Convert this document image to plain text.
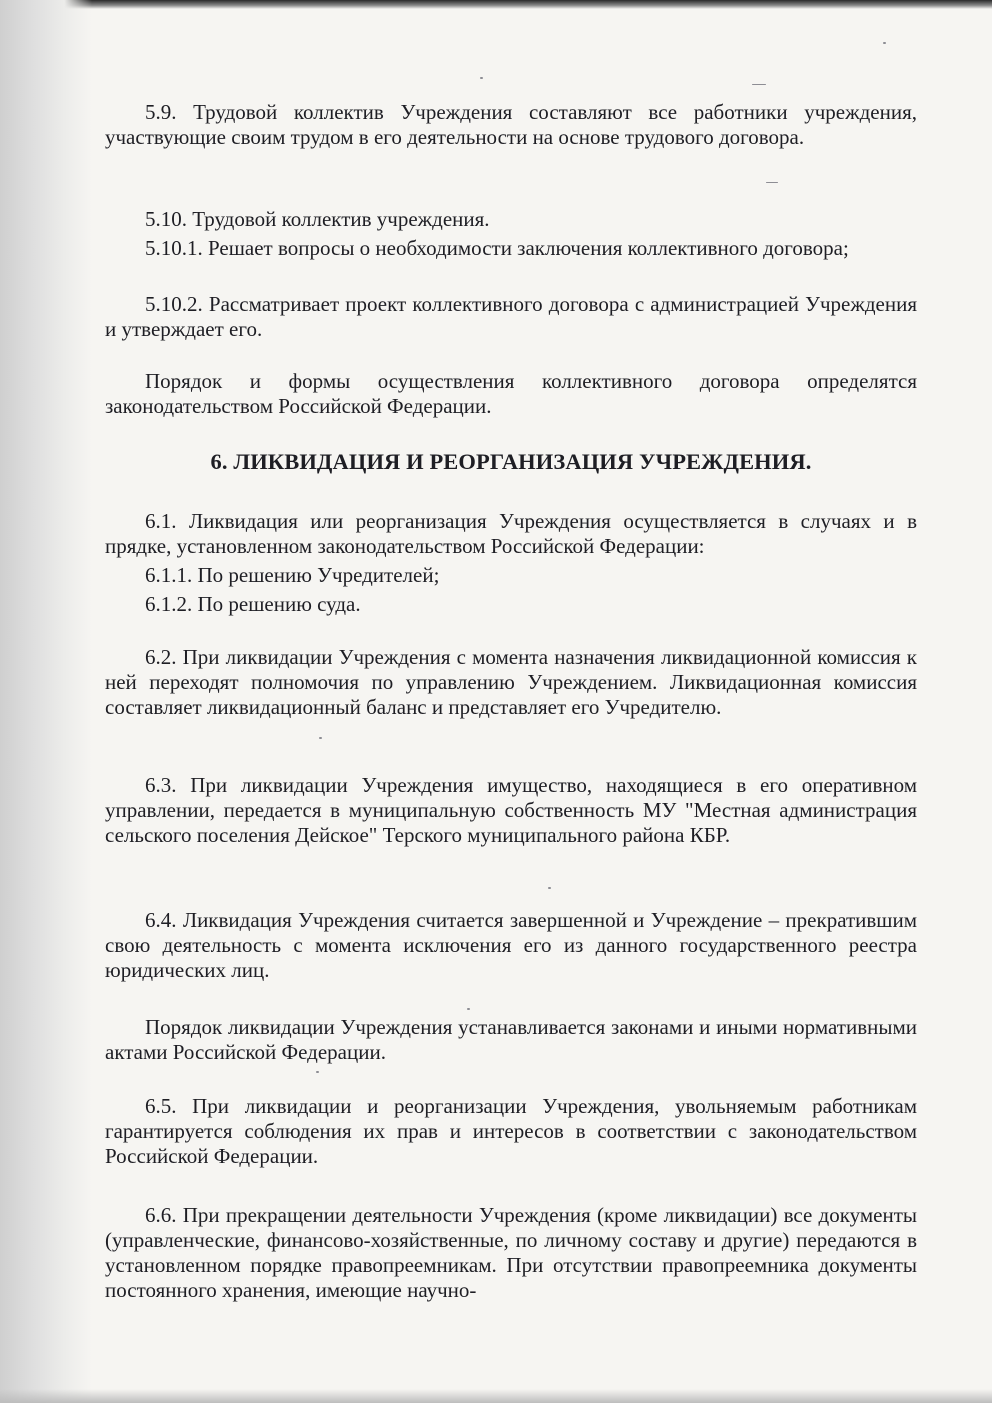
5.9. Трудовой коллектив Учреждения составляют все работники учреждения, участвующие своим трудом в его деятельности на основе трудового договора.
5.10. Трудовой коллектив учреждения.
5.10.1. Решает вопросы о необходимости заключения коллективного договора;
5.10.2. Рассматривает проект коллективного договора с администрацией Учреждения и утверждает его.
Порядок и формы осуществления коллективного договора определятся законодательством Российской Федерации.
6. ЛИКВИДАЦИЯ И РЕОРГАНИЗАЦИЯ УЧРЕЖДЕНИЯ.
6.1. Ликвидация или реорганизация Учреждения осуществляется в случаях и в прядке, установленном законодательством Российской Федерации:
6.1.1. По решению Учредителей;
6.1.2. По решению суда.
6.2. При ликвидации Учреждения с момента назначения ликвидационной комиссия к ней переходят полномочия по управлению Учреждением. Ликвидационная комиссия составляет ликвидационный баланс и представляет его Учредителю.
6.3. При ликвидации Учреждения имущество, находящиеся в его оперативном управлении, передается в муниципальную собственность МУ "Местная администрация сельского поселения Дейское" Терского муниципального района КБР.
6.4. Ликвидация Учреждения считается завершенной и Учреждение – прекратившим свою деятельность с момента исключения его из данного государственного реестра юридических лиц.
Порядок ликвидации Учреждения устанавливается законами и иными нормативными актами Российской Федерации.
6.5. При ликвидации и реорганизации Учреждения, увольняемым работникам гарантируется соблюдения их прав и интересов в соответствии с законодательством Российской Федерации.
6.6. При прекращении деятельности Учреждения (кроме ликвидации) все документы (управленческие, финансово-хозяйственные, по личному составу и другие) передаются в установленном порядке правопреемникам. При отсутствии правопреемника документы постоянного хранения, имеющие научно-
